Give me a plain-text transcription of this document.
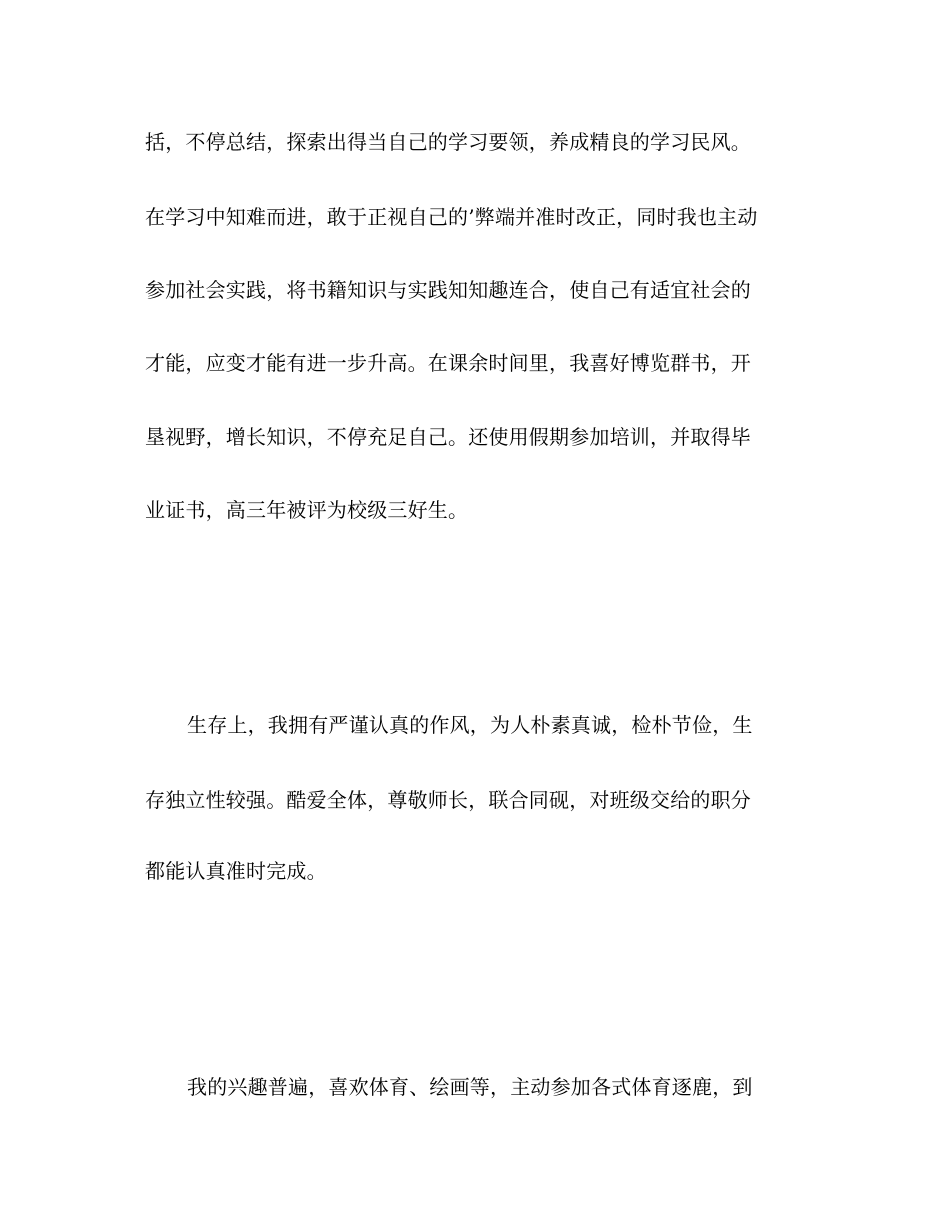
括，不停总结，探索出得当自己的学习要领，养成精良的学习民风。
在学习中知难而进，敢于正视自己的’弊端并准时改正，同时我也主动
参加社会实践，将书籍知识与实践知知趣连合，使自己有适宜社会的
才能，应变才能有进一步升高。在课余时间里，我喜好博览群书，开
垦视野，增长知识，不停充足自己。还使用假期参加培训，并取得毕
业证书，高三年被评为校级三好生。
生存上，我拥有严谨认真的作风，为人朴素真诚，检朴节俭，生
存独立性较强。酷爱全体，尊敬师长，联合同砚，对班级交给的职分
都能认真准时完成。
我的兴趣普遍，喜欢体育、绘画等，主动参加各式体育逐鹿，到
